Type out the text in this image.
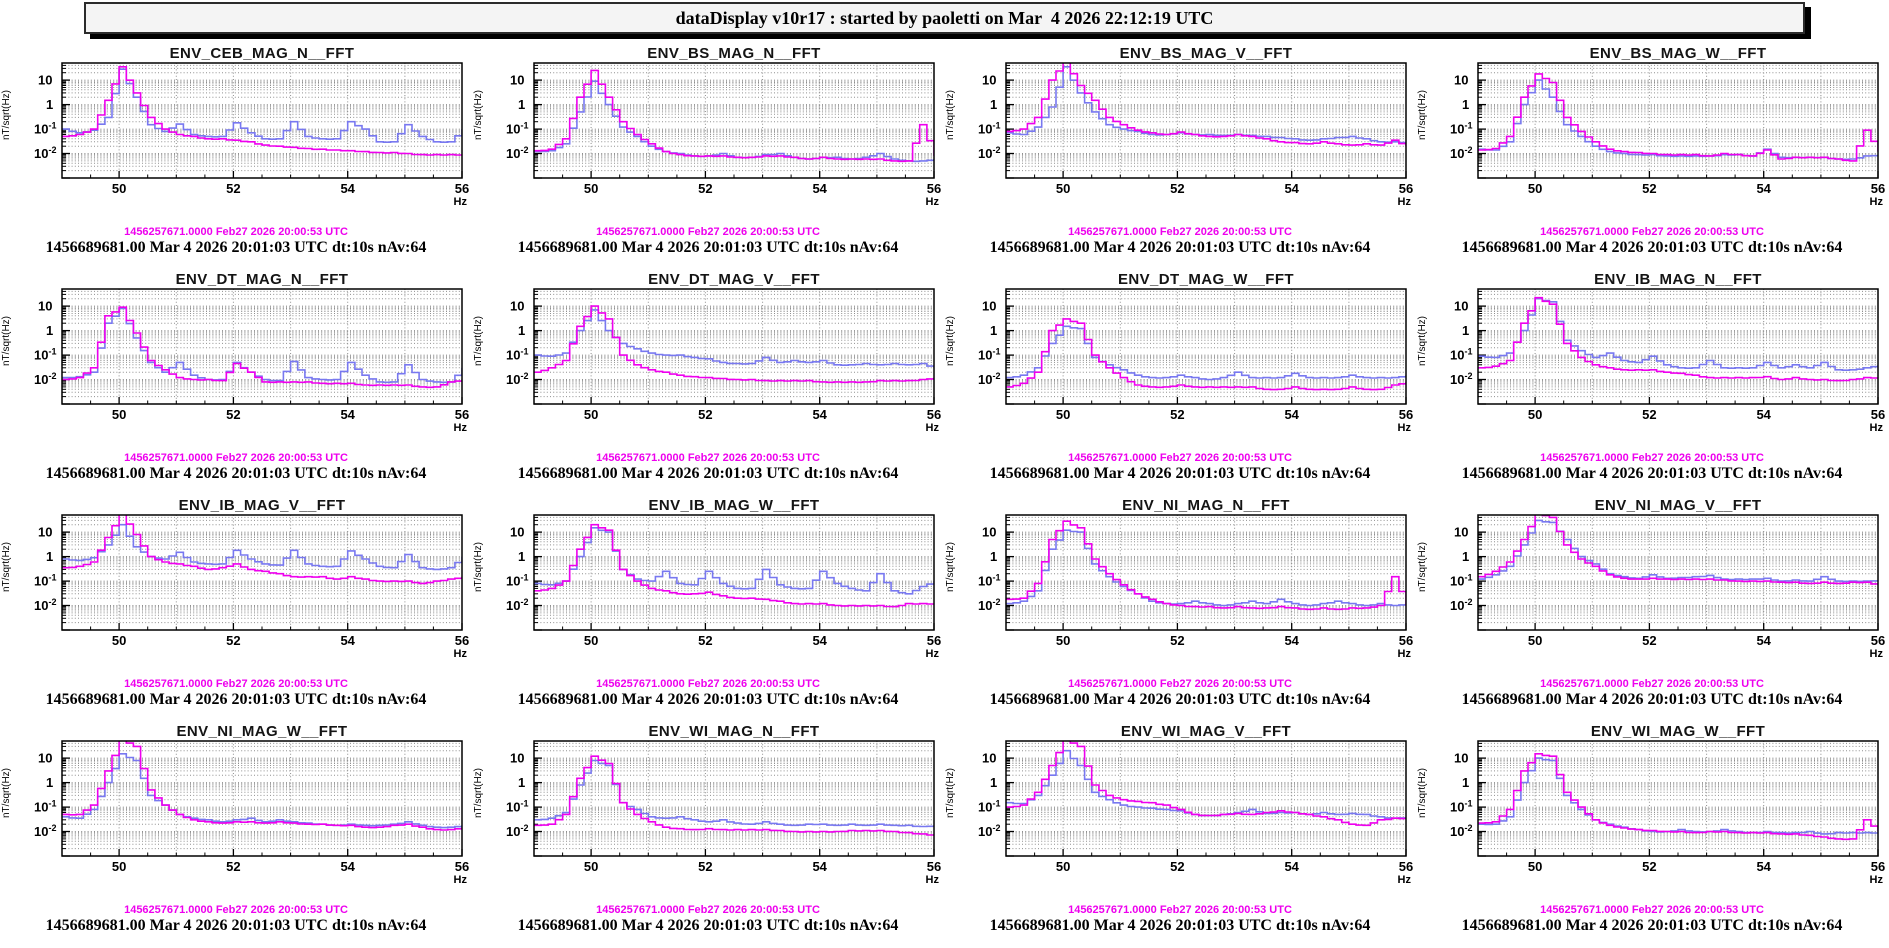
dataDisplay v10r17 : started by paoletti on Mar  4 2026 22:12:19 UTC
ENV_CEB_MAG_N__FFT
10
1
$10^{-1}$
$10^{-2}$
50	52	54	56
Hz
nT/sqrt(Hz)
1456257671.0000 Feb27 2026 20:00:53 UTC
1456689681.00 Mar 4 2026 20:01:03 UTC dt:10s nAv:64
ENV_BS_MAG_N__FFT
10
1
$10^{-1}$
$10^{-2}$
50	52	54	56
Hz
nT/sqrt(Hz)
1456257671.0000 Feb27 2026 20:00:53 UTC
1456689681.00 Mar 4 2026 20:01:03 UTC dt:10s nAv:64
ENV_BS_MAG_V__FFT
10
1
$10^{-1}$
$10^{-2}$
50	52	54	56
Hz
nT/sqrt(Hz)
1456257671.0000 Feb27 2026 20:00:53 UTC
1456689681.00 Mar 4 2026 20:01:03 UTC dt:10s nAv:64
ENV_BS_MAG_W__FFT
10
1
$10^{-1}$
$10^{-2}$
50	52	54	56
Hz
nT/sqrt(Hz)
1456257671.0000 Feb27 2026 20:00:53 UTC
1456689681.00 Mar 4 2026 20:01:03 UTC dt:10s nAv:64
ENV_DT_MAG_N__FFT
10
1
$10^{-1}$
$10^{-2}$
50	52	54	56
Hz
nT/sqrt(Hz)
1456257671.0000 Feb27 2026 20:00:53 UTC
1456689681.00 Mar 4 2026 20:01:03 UTC dt:10s nAv:64
ENV_DT_MAG_V__FFT
10
1
$10^{-1}$
$10^{-2}$
50	52	54	56
Hz
nT/sqrt(Hz)
1456257671.0000 Feb27 2026 20:00:53 UTC
1456689681.00 Mar 4 2026 20:01:03 UTC dt:10s nAv:64
ENV_DT_MAG_W__FFT
10
1
$10^{-1}$
$10^{-2}$
50	52	54	56
Hz
nT/sqrt(Hz)
1456257671.0000 Feb27 2026 20:00:53 UTC
1456689681.00 Mar 4 2026 20:01:03 UTC dt:10s nAv:64
ENV_IB_MAG_N__FFT
10
1
$10^{-1}$
$10^{-2}$
50	52	54	56
Hz
nT/sqrt(Hz)
1456257671.0000 Feb27 2026 20:00:53 UTC
1456689681.00 Mar 4 2026 20:01:03 UTC dt:10s nAv:64
ENV_IB_MAG_V__FFT
10
1
$10^{-1}$
$10^{-2}$
50	52	54	56
Hz
nT/sqrt(Hz)
1456257671.0000 Feb27 2026 20:00:53 UTC
1456689681.00 Mar 4 2026 20:01:03 UTC dt:10s nAv:64
ENV_IB_MAG_W__FFT
10
1
$10^{-1}$
$10^{-2}$
50	52	54	56
Hz
nT/sqrt(Hz)
1456257671.0000 Feb27 2026 20:00:53 UTC
1456689681.00 Mar 4 2026 20:01:03 UTC dt:10s nAv:64
ENV_NI_MAG_N__FFT
10
1
$10^{-1}$
$10^{-2}$
50	52	54	56
Hz
nT/sqrt(Hz)
1456257671.0000 Feb27 2026 20:00:53 UTC
1456689681.00 Mar 4 2026 20:01:03 UTC dt:10s nAv:64
ENV_NI_MAG_V__FFT
10
1
$10^{-1}$
$10^{-2}$
50	52	54	56
Hz
nT/sqrt(Hz)
1456257671.0000 Feb27 2026 20:00:53 UTC
1456689681.00 Mar 4 2026 20:01:03 UTC dt:10s nAv:64
ENV_NI_MAG_W__FFT
10
1
$10^{-1}$
$10^{-2}$
50	52	54	56
Hz
nT/sqrt(Hz)
1456257671.0000 Feb27 2026 20:00:53 UTC
1456689681.00 Mar 4 2026 20:01:03 UTC dt:10s nAv:64
ENV_WI_MAG_N__FFT
10
1
$10^{-1}$
$10^{-2}$
50	52	54	56
Hz
nT/sqrt(Hz)
1456257671.0000 Feb27 2026 20:00:53 UTC
1456689681.00 Mar 4 2026 20:01:03 UTC dt:10s nAv:64
ENV_WI_MAG_V__FFT
10
1
$10^{-1}$
$10^{-2}$
50	52	54	56
Hz
nT/sqrt(Hz)
1456257671.0000 Feb27 2026 20:00:53 UTC
1456689681.00 Mar 4 2026 20:01:03 UTC dt:10s nAv:64
ENV_WI_MAG_W__FFT
10
1
$10^{-1}$
$10^{-2}$
50	52	54	56
Hz
nT/sqrt(Hz)
1456257671.0000 Feb27 2026 20:00:53 UTC
1456689681.00 Mar 4 2026 20:01:03 UTC dt:10s nAv:64
